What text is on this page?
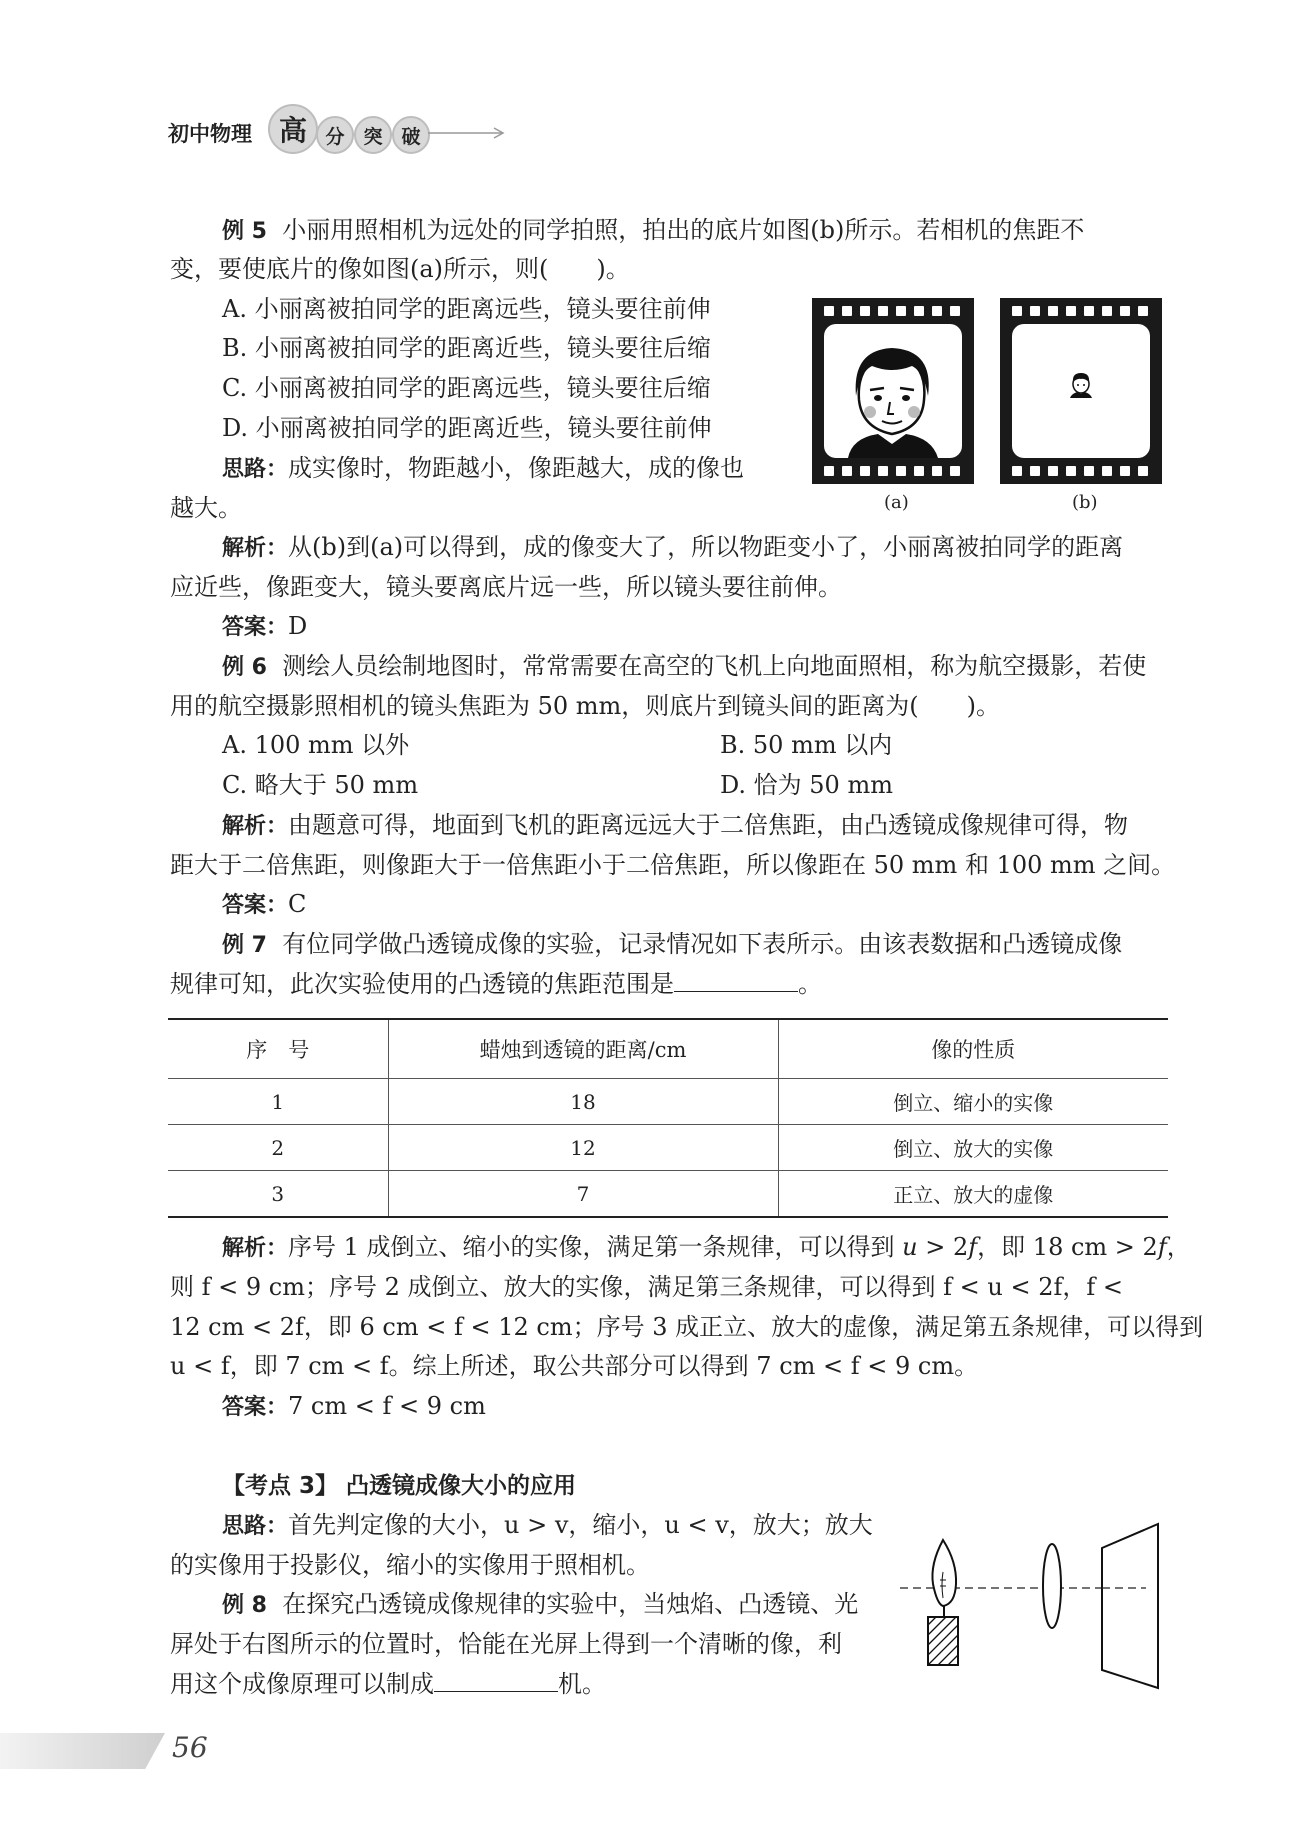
初中物理 高 分 突 破
例 5 小丽用照相机为远处的同学拍照，拍出的底片如图(b)所示。若相机的焦距不
变，要使底片的像如图(a)所示，则(　　)。
A. 小丽离被拍同学的距离远些，镜头要往前伸
B. 小丽离被拍同学的距离近些，镜头要往后缩
C. 小丽离被拍同学的距离远些，镜头要往后缩
D. 小丽离被拍同学的距离近些，镜头要往前伸
思路：成实像时，物距越小，像距越大，成的像也
越大。	(a)	(b)
解析：从(b)到(a)可以得到，成的像变大了，所以物距变小了，小丽离被拍同学的距离
应近些，像距变大，镜头要离底片远一些，所以镜头要往前伸。
答案：D
例 6 测绘人员绘制地图时，常常需要在高空的飞机上向地面照相，称为航空摄影，若使
用的航空摄影照相机的镜头焦距为 50 mm，则底片到镜头间的距离为(　　)。
A. 100 mm 以外	B. 50 mm 以内
C. 略大于 50 mm	D. 恰为 50 mm
解析：由题意可得，地面到飞机的距离远远大于二倍焦距，由凸透镜成像规律可得，物
距大于二倍焦距，则像距大于一倍焦距小于二倍焦距，所以像距在 50 mm 和 100 mm 之间。
答案：C
例 7 有位同学做凸透镜成像的实验，记录情况如下表所示。由该表数据和凸透镜成像
规律可知，此次实验使用的凸透镜的焦距范围是	。
序　号	蜡烛到透镜的距离/cm	像的性质
1	18	倒立、缩小的实像
2	12	倒立、放大的实像
3	7	正立、放大的虚像
解析：序号 1 成倒立、缩小的实像，满足第一条规律，可以得到 u > 2f，即 18 cm > 2f，
则 f < 9 cm；序号 2 成倒立、放大的实像，满足第三条规律，可以得到 f < u < 2f，f <
12 cm < 2f，即 6 cm < f < 12 cm；序号 3 成正立、放大的虚像，满足第五条规律，可以得到
u < f，即 7 cm < f。综上所述，取公共部分可以得到 7 cm < f < 9 cm。
答案：7 cm < f < 9 cm
【考点 3】 凸透镜成像大小的应用
思路：首先判定像的大小，u > v，缩小，u < v，放大；放大
的实像用于投影仪，缩小的实像用于照相机。
例 8 在探究凸透镜成像规律的实验中，当烛焰、凸透镜、光
屏处于右图所示的位置时，恰能在光屏上得到一个清晰的像，利
用这个成像原理可以制成	机。
56
